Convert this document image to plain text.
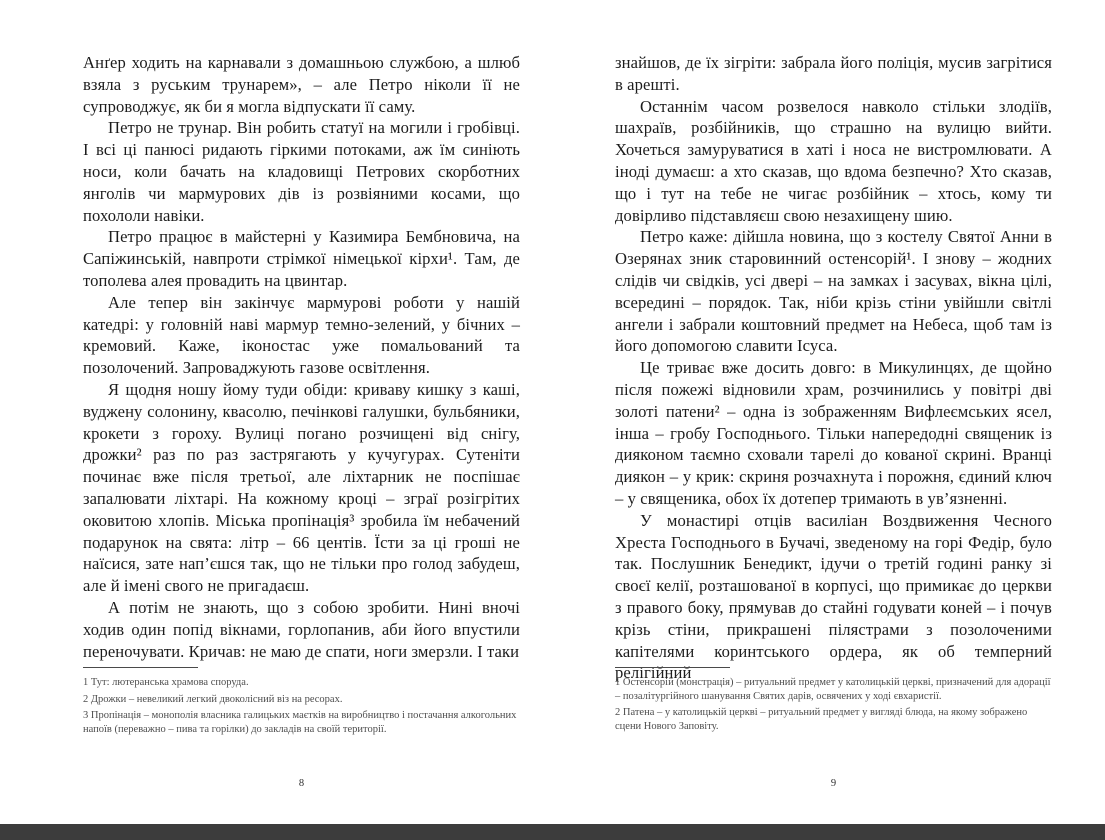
Анґер ходить на карнавали з домашньою службою, а шлюб взяла з руським трунарем», – але Петро ніколи її не супроводжує, як би я могла відпускати її саму.

Петро не трунар. Він робить статуї на могили і гробівці. І всі ці панюсі ридають гіркими потоками, аж їм синіють носи, коли бачать на кладовищі Петрових скорботних янголів чи мармурових дів із розвіяними косами, що похололи навіки.

Петро працює в майстерні у Казимира Бембновича, на Сапіжинській, навпроти стрімкої німецької кірхи¹. Там, де тополева алея провадить на цвинтар.

Але тепер він закінчує мармурові роботи у нашій катедрі: у головній наві мармур темно-зелений, у бічних – кремовий. Каже, іконостас уже помальований та позолочений. Запроваджують газове освітлення.

Я щодня ношу йому туди обіди: криваву кишку з каші, вуджену солонину, квасолю, печінкові галушки, бульбяники, крокети з гороху. Вулиці погано розчищені від снігу, дрожки² раз по раз застрягають у кучугурах. Сутеніти починає вже після третьої, але ліхтарник не поспішає запалювати ліхтарі. На кожному кроці – зграї розігрітих оковитою хлопів. Міська пропінація³ зробила їм небачений подарунок на свята: літр – 66 центів. Їсти за ці гроші не наїсися, зате нап’єшся так, що не тільки про голод забудеш, але й імені свого не пригадаєш.

А потім не знають, що з собою зробити. Нині вночі ходив один попід вікнами, горлопанив, аби його впустили переночувати. Кричав: не маю де спати, ноги змерзли. І таки

1 Тут: лютеранська храмова споруда.

2 Дрожки – невеликий легкий двоколісний віз на ресорах.

3 Пропінація – монополія власника галицьких маєтків на виробництво і постачання алкогольних напоїв (переважно – пива та горілки) до закладів на своїй території.

8

знайшов, де їх зігріти: забрала його поліція, мусив загрітися в арешті.

Останнім часом розвелося навколо стільки злодіїв, шахраїв, розбійників, що страшно на вулицю вийти. Хочеться замуруватися в хаті і носа не вистромлювати. А іноді думаєш: а хто сказав, що вдома безпечно? Хто сказав, що і тут на тебе не чигає розбійник – хтось, кому ти довірливо підставляєш свою незахищену шию.

Петро каже: дійшла новина, що з костелу Святої Анни в Озерянах зник старовинний остенсорій¹. І знову – жодних слідів чи свідків, усі двері – на замках і засувах, вікна цілі, всередині – порядок. Так, ніби крізь стіни увійшли світлі ангели і забрали коштовний предмет на Небеса, щоб там із його допомогою славити Ісуса.

Це триває вже досить довго: в Микулинцях, де щойно після пожежі відновили храм, розчинились у повітрі дві золоті патени² – одна із зображенням Вифлеємських ясел, інша – гробу Господнього. Тільки напередодні священик із дияконом таємно сховали тарелі до кованої скрині. Вранці диякон – у крик: скриня розчахнута і порожня, єдиний ключ – у священика, обох їх дотепер тримають в ув’язненні.

У монастирі отців василіан Воздвиження Чесного Хреста Господнього в Бучачі, зведеному на горі Федір, було так. Послушник Бенедикт, ідучи о третій годині ранку зі своєї келії, розташованої в корпусі, що примикає до церкви з правого боку, прямував до стайні годувати коней – і почув крізь стіни, прикрашені пілястрами з позолоченими капітелями коринтського ордера, як об темперний релігійний

1 Остенсорій (монстрація) – ритуальний предмет у католицькій церкві, призначений для адорації – позалітургійного шанування Святих дарів, освячених у ході євхаристії.

2 Патена – у католицькій церкві – ритуальний предмет у вигляді блюда, на якому зображено сцени Нового Заповіту.

9
